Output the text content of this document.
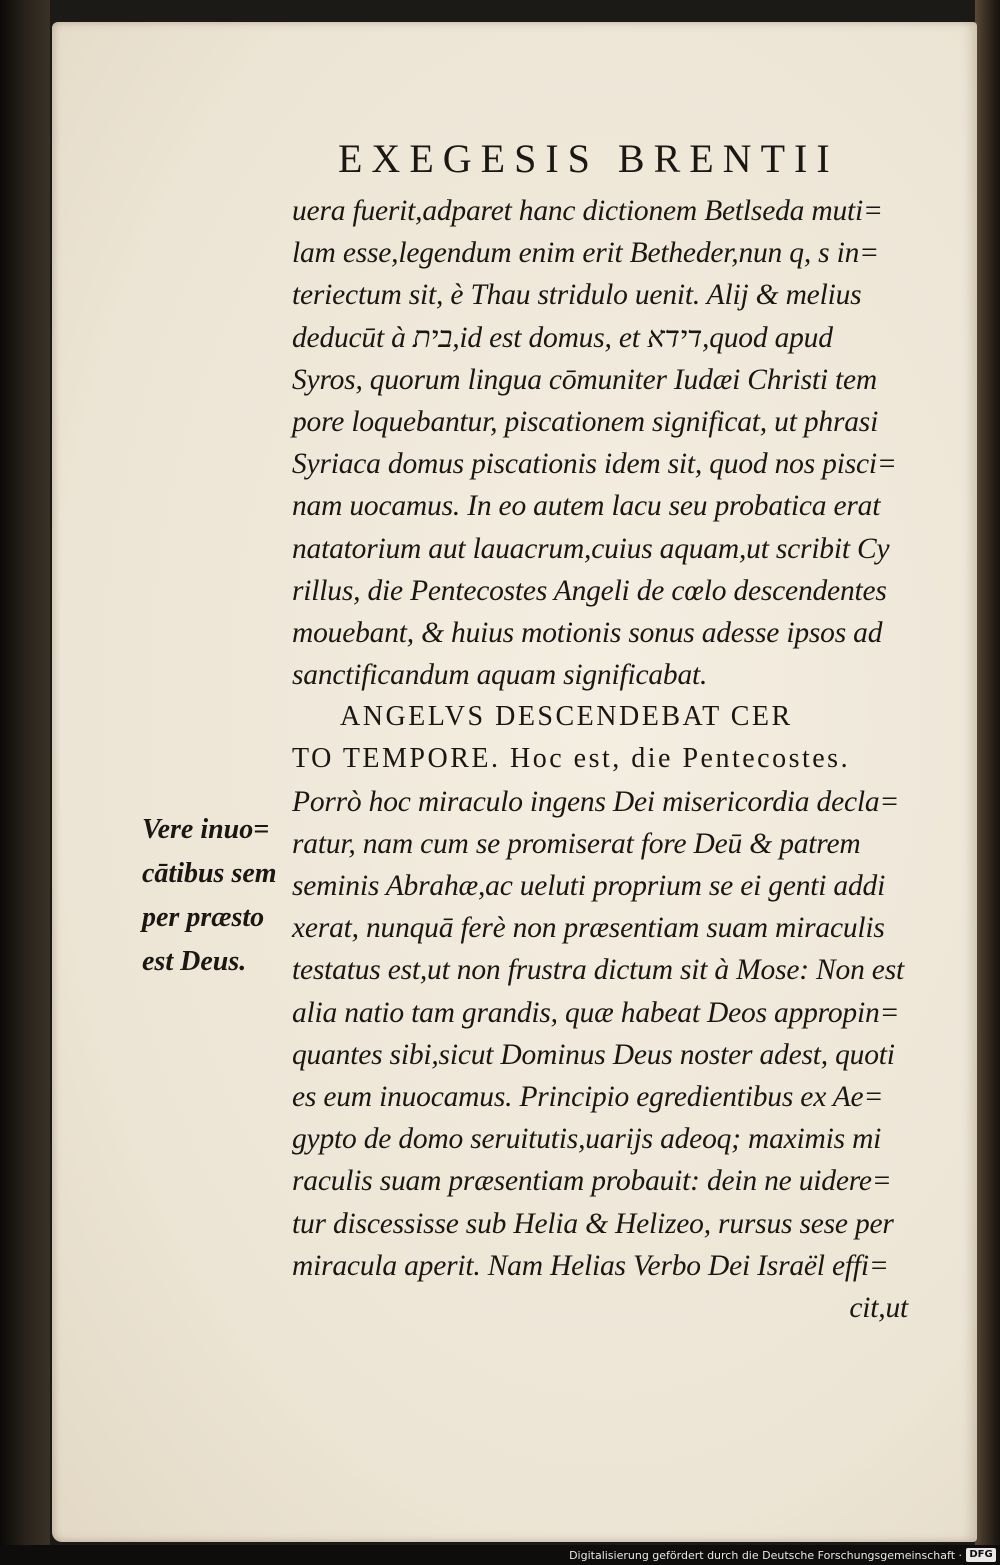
EXEGESIS BRENTII
uera fuerit,adparet hanc dictionem Betlseda muti=
lam esse,legendum enim erit Betheder,nun q, s in=
teriectum sit, è Thau stridulo uenit. Alij & melius
deducūt à בית,id est domus, et דידא,quod apud
Syros, quorum lingua cōmuniter Iudæi Christi tem
pore loquebantur, piscationem significat, ut phrasi
Syriaca domus piscationis idem sit, quod nos pisci=
nam uocamus. In eo autem lacu seu probatica erat
natatorium aut lauacrum,cuius aquam,ut scribit Cy
rillus, die Pentecostes Angeli de cœlo descendentes
mouebant, & huius motionis sonus adesse ipsos ad
sanctificandum aquam significabat.
ANGELVS DESCENDEBAT CER
TO TEMPORE. Hoc est, die Pentecostes.
Porrò hoc miraculo ingens Dei misericordia decla=
ratur, nam cum se promiserat fore Deū & patrem
seminis Abrahæ,ac ueluti proprium se ei genti addi
xerat, nunquā ferè non præsentiam suam miraculis
testatus est,ut non frustra dictum sit à Mose: Non est
alia natio tam grandis, quæ habeat Deos appropin=
quantes sibi,sicut Dominus Deus noster adest, quoti
es eum inuocamus. Principio egredientibus ex Ae=
gypto de domo seruitutis,uarijs adeoq; maximis mi
raculis suam præsentiam probauit: dein ne uidere=
tur discessisse sub Helia & Helizeo, rursus sese per
miracula aperit. Nam Helias Verbo Dei Israël effi=
cit,ut
Vere inuo=
cātibus sem
per præsto
est Deus.
Digitalisierung gefördert durch die Deutsche Forschungsgemeinschaft · DFG
